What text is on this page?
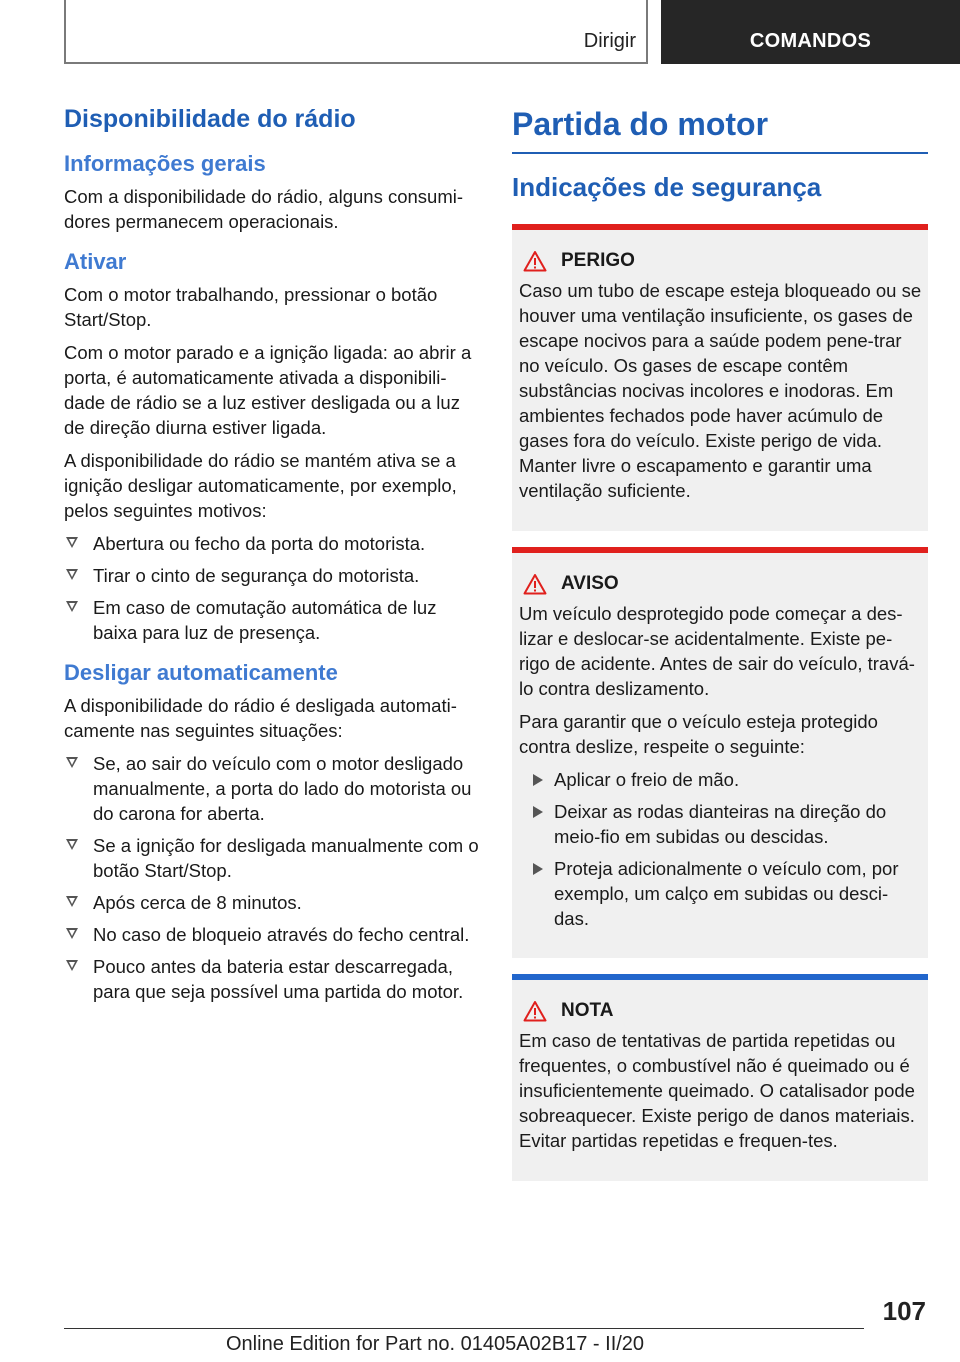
Dirigir	COMANDOS
Disponibilidade do rádio
Informações gerais

Com a disponibilidade do rádio, alguns consumi-dores permanecem operacionais.

Ativar

Com o motor trabalhando, pressionar o botão Start/Stop.

Com o motor parado e a ignição ligada: ao abrir a porta, é automaticamente ativada a disponibili-dade de rádio se a luz estiver desligada ou a luz de direção diurna estiver ligada.

A disponibilidade do rádio se mantém ativa se a ignição desligar automaticamente, por exemplo, pelos seguintes motivos:

Abertura ou fecho da porta do motorista.
Tirar o cinto de segurança do motorista.
Em caso de comutação automática de luz baixa para luz de presença.
Desligar automaticamente

A disponibilidade do rádio é desligada automati-camente nas seguintes situações:

Se, ao sair do veículo com o motor desligado manualmente, a porta do lado do motorista ou do carona for aberta.
Se a ignição for desligada manualmente com o botão Start/Stop.
Após cerca de 8 minutos.
No caso de bloqueio através do fecho central.
Pouco antes da bateria estar descarregada, para que seja possível uma partida do motor.
Partida do motor
Indicações de segurança
PERIGO

Caso um tubo de escape esteja bloqueado ou se houver uma ventilação insuficiente, os gases de escape nocivos para a saúde podem pene-trar no veículo. Os gases de escape contêm substâncias nocivas incolores e inodoras. Em ambientes fechados pode haver acúmulo de gases fora do veículo. Existe perigo de vida. Manter livre o escapamento e garantir uma ventilação suficiente.

AVISO

Um veículo desprotegido pode começar a des-lizar e deslocar-se acidentalmente. Existe pe-rigo de acidente. Antes de sair do veículo, travá-lo contra deslizamento.

Para garantir que o veículo esteja protegido contra deslize, respeite o seguinte:

Aplicar o freio de mão.
Deixar as rodas dianteiras na direção do meio-fio em subidas ou descidas.
Proteja adicionalmente o veículo com, por exemplo, um calço em subidas ou desci-das.
NOTA

Em caso de tentativas de partida repetidas ou frequentes, o combustível não é queimado ou é insuficientemente queimado. O catalisador pode sobreaquecer. Existe perigo de danos materiais. Evitar partidas repetidas e frequen-tes.

107
Online Edition for Part no. 01405A02B17 - II/20
